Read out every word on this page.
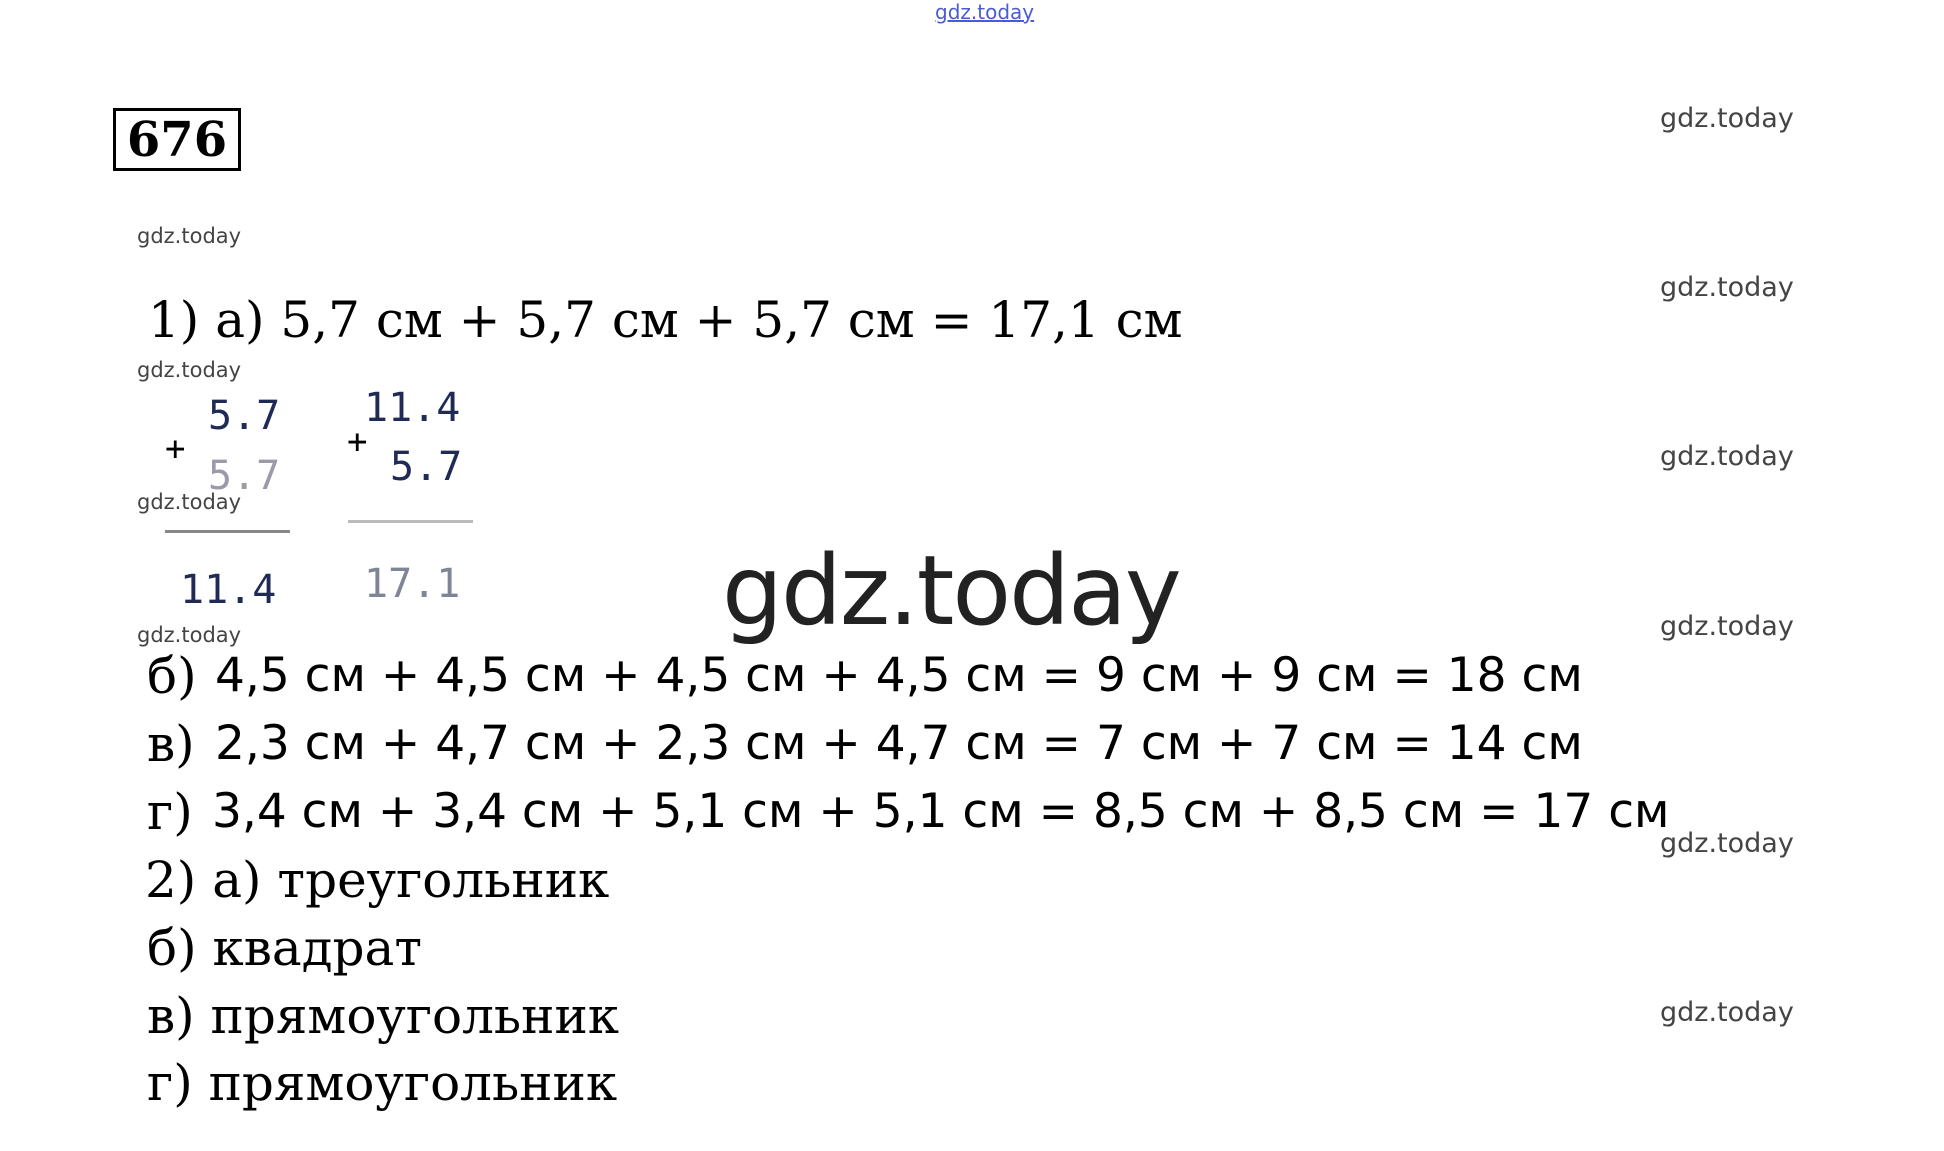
gdz.today
676
gdz.today
gdz.today
gdz.today
gdz.today
gdz.today
gdz.today
gdz.today
gdz.today
gdz.today
gdz.today
1) а) 5,7 см + 5,7 см + 5,7 см = 17,1 см
+
5.7
5.7
11.4
+
11.4
5.7
17.1	gdz.today
б) 4,5 см + 4,5 см + 4,5 см + 4,5 см = 9 см + 9 см = 18 см
в) 2,3 см + 4,7 см + 2,3 см + 4,7 см = 7 см + 7 см = 14 см
г) 3,4 см + 3,4 см + 5,1 см + 5,1 см = 8,5 см + 8,5 см = 17 см
2) а) треугольник
б) квадрат
в) прямоугольник
г) прямоугольник
